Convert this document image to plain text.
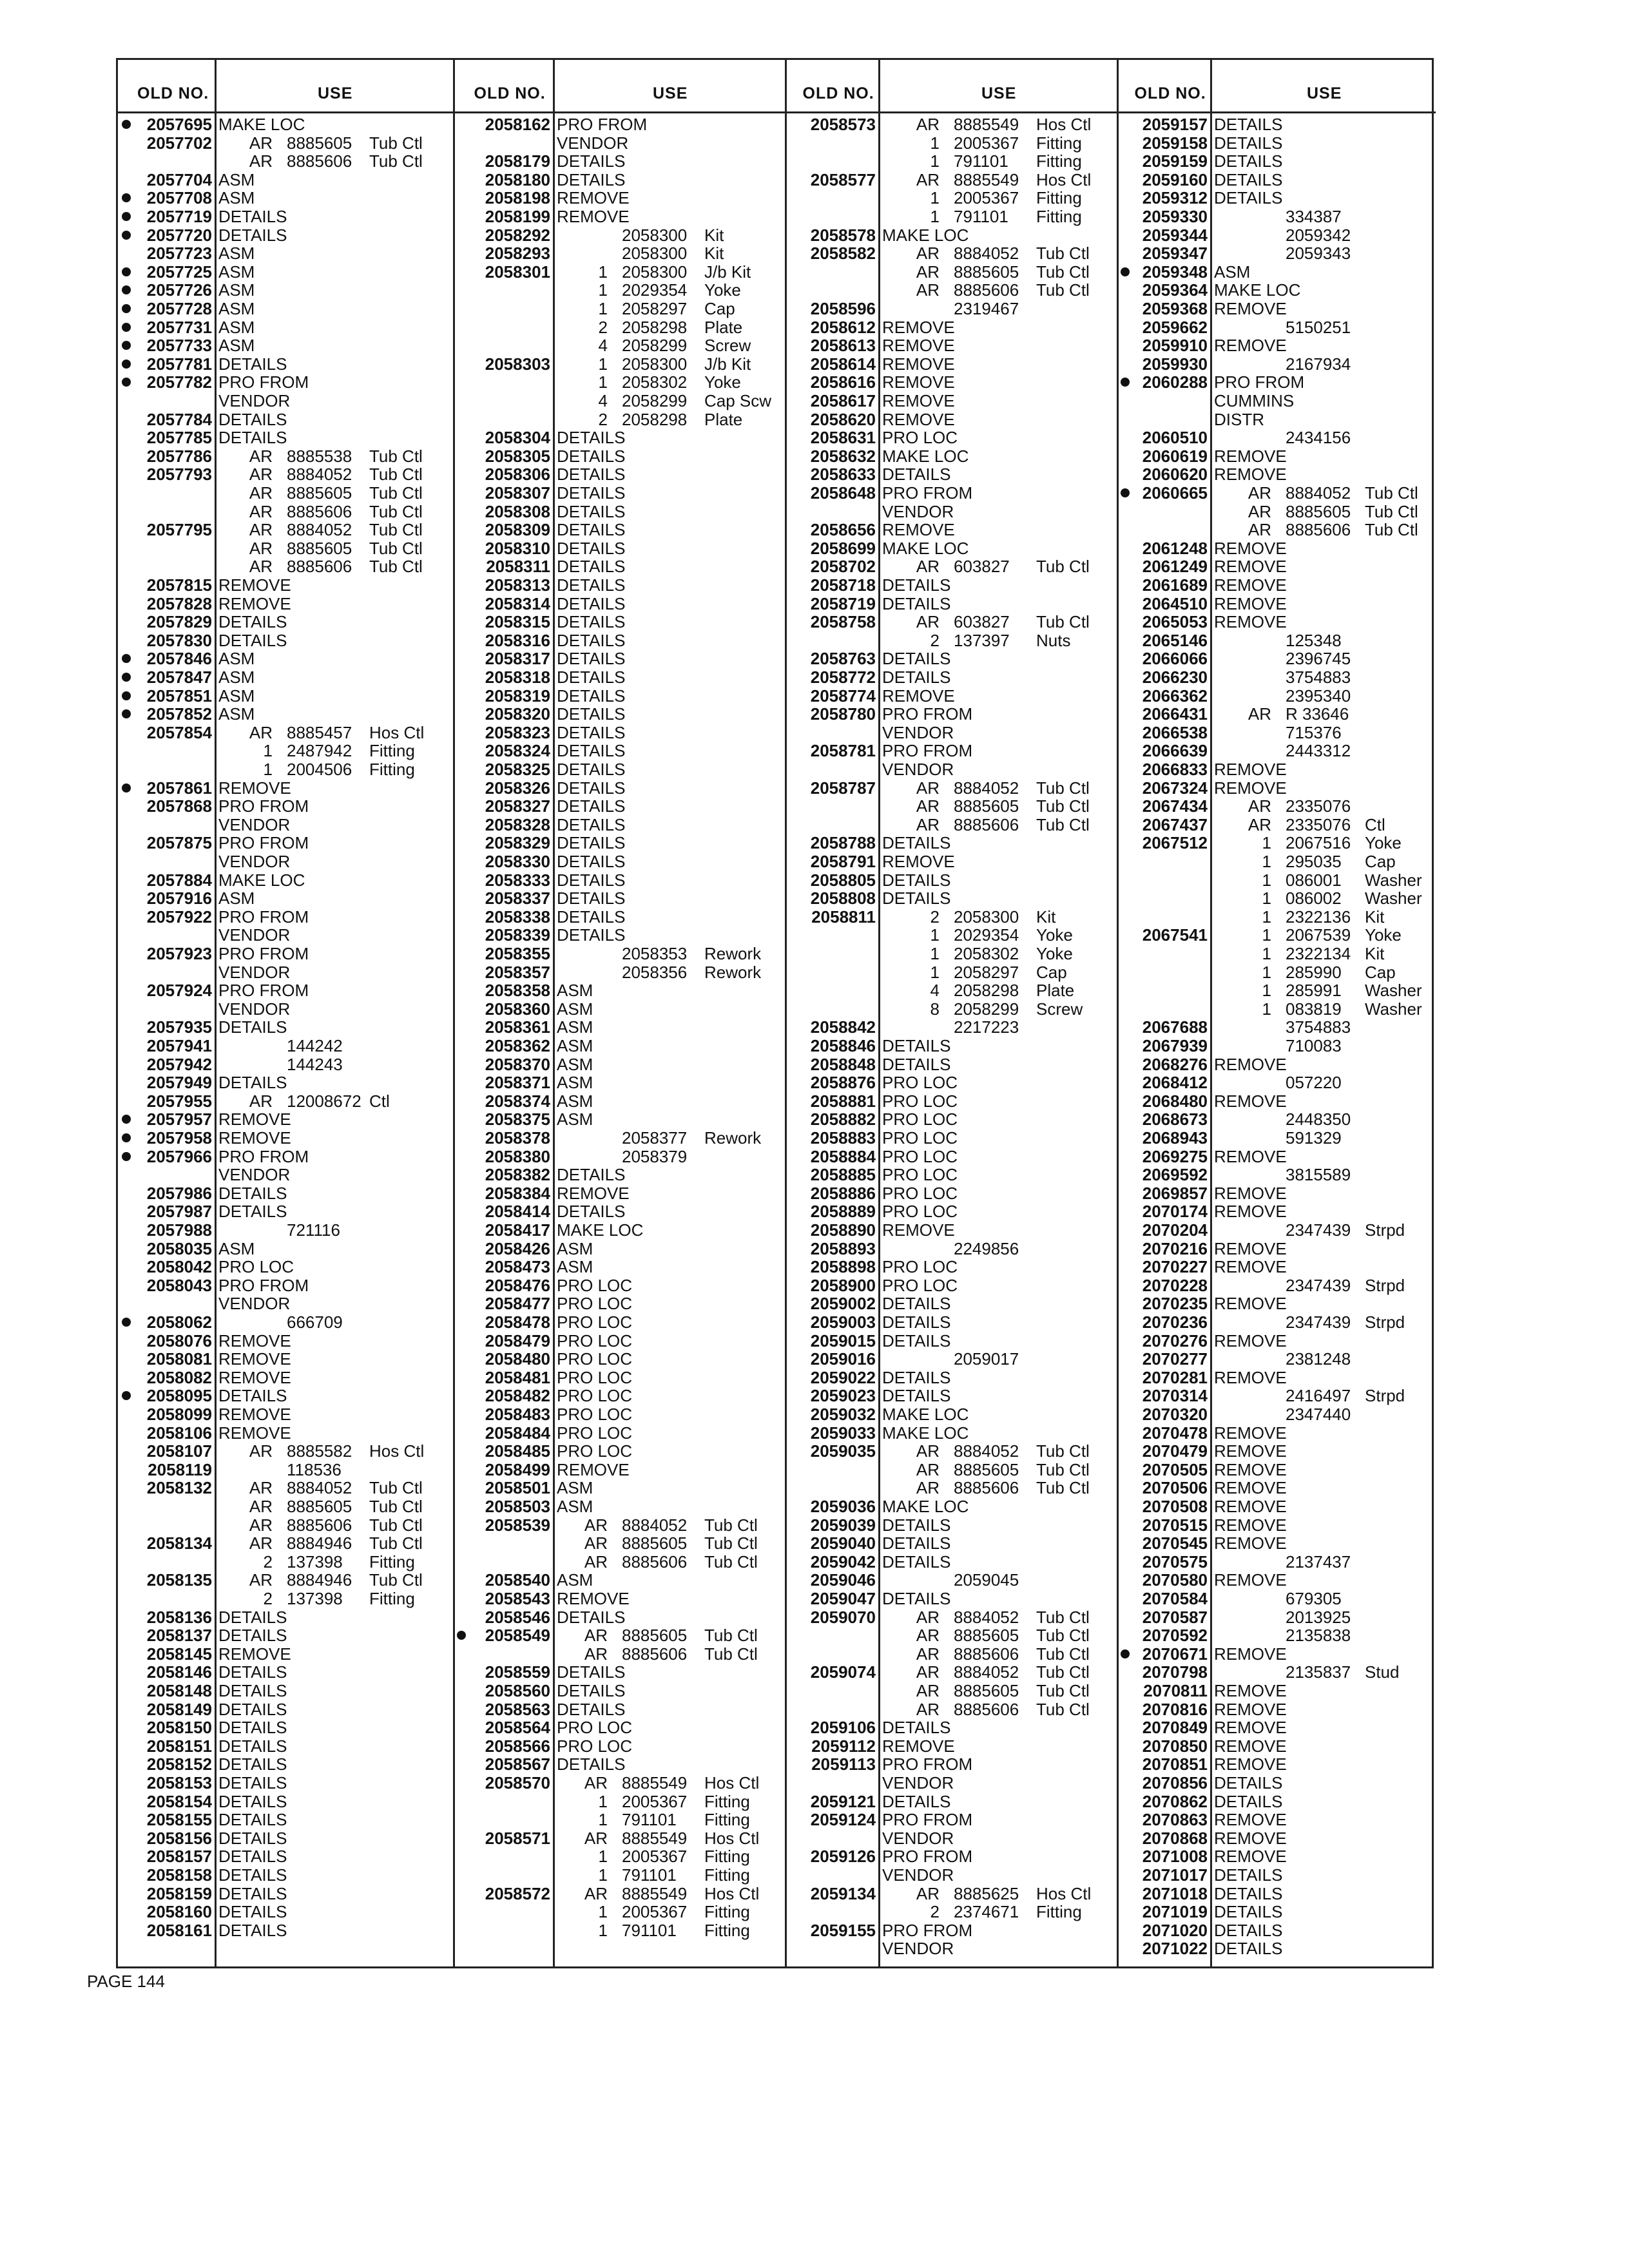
OLD NO.	USE
2057695 MAKE LOC
2057702 AR 8885605 Tub Ctl
AR 8885606 Tub Ctl
2057704 ASM
2057708 ASM
2057719 DETAILS
2057720 DETAILS
2057723 ASM
2057725 ASM
2057726 ASM
2057728 ASM
2057731 ASM
2057733 ASM
2057781 DETAILS
2057782 PRO FROM
VENDOR
2057784 DETAILS
2057785 DETAILS
2057786 AR 8885538 Tub Ctl
2057793 AR 8884052 Tub Ctl
AR 8885605 Tub Ctl
AR 8885606 Tub Ctl
2057795 AR 8884052 Tub Ctl
AR 8885605 Tub Ctl
AR 8885606 Tub Ctl
2057815 REMOVE
2057828 REMOVE
2057829 DETAILS
2057830 DETAILS
2057846 ASM
2057847 ASM
2057851 ASM
2057852 ASM
2057854 AR 8885457 Hos Ctl
1 2487942 Fitting
1 2004506 Fitting
2057861 REMOVE
2057868 PRO FROM
VENDOR
2057875 PRO FROM
VENDOR
2057884 MAKE LOC
2057916 ASM
2057922 PRO FROM
VENDOR
2057923 PRO FROM
VENDOR
2057924 PRO FROM
VENDOR
2057935 DETAILS
2057941	144242
2057942	144243
2057949 DETAILS
2057955 AR 12008672 Ctl
2057957 REMOVE
2057958 REMOVE
2057966 PRO FROM
VENDOR
2057986 DETAILS
2057987 DETAILS
2057988	721116
2058035 ASM
2058042 PRO LOC
2058043 PRO FROM
VENDOR
2058062	666709
2058076 REMOVE
2058081 REMOVE
2058082 REMOVE
2058095 DETAILS
2058099 REMOVE
2058106 REMOVE
2058107 AR 8885582 Hos Ctl
2058119	118536
2058132 AR 8884052 Tub Ctl
AR 8885605 Tub Ctl
AR 8885606 Tub Ctl
2058134 AR 8884946 Tub Ctl
2 137398 Fitting
2058135 AR 8884946 Tub Ctl
2 137398 Fitting
2058136 DETAILS
2058137 DETAILS
2058145 REMOVE
2058146 DETAILS
2058148 DETAILS
2058149 DETAILS
2058150 DETAILS
2058151 DETAILS
2058152 DETAILS
2058153 DETAILS
2058154 DETAILS
2058155 DETAILS
2058156 DETAILS
2058157 DETAILS
2058158 DETAILS
2058159 DETAILS
2058160 DETAILS
2058161 DETAILS
OLD NO.	USE
2058162 PRO FROM
VENDOR
2058179 DETAILS
2058180 DETAILS
2058198 REMOVE
2058199 REMOVE
2058292	2058300 Kit
2058293	2058300 Kit
2058301	1 2058300 J/b Kit
1 2029354 Yoke
1 2058297 Cap
2 2058298 Plate
4 2058299 Screw
2058303	1 2058300 J/b Kit
1 2058302 Yoke
4 2058299 Cap Scw
2 2058298 Plate
2058304 DETAILS
2058305 DETAILS
2058306 DETAILS
2058307 DETAILS
2058308 DETAILS
2058309 DETAILS
2058310 DETAILS
2058311 DETAILS
2058313 DETAILS
2058314 DETAILS
2058315 DETAILS
2058316 DETAILS
2058317 DETAILS
2058318 DETAILS
2058319 DETAILS
2058320 DETAILS
2058323 DETAILS
2058324 DETAILS
2058325 DETAILS
2058326 DETAILS
2058327 DETAILS
2058328 DETAILS
2058329 DETAILS
2058330 DETAILS
2058333 DETAILS
2058337 DETAILS
2058338 DETAILS
2058339 DETAILS
2058355	2058353 Rework
2058357	2058356 Rework
2058358 ASM
2058360 ASM
2058361 ASM
2058362 ASM
2058370 ASM
2058371 ASM
2058374 ASM
2058375 ASM
2058378	2058377 Rework
2058380	2058379
2058382 DETAILS
2058384 REMOVE
2058414 DETAILS
2058417 MAKE LOC
2058426 ASM
2058473 ASM
2058476 PRO LOC
2058477 PRO LOC
2058478 PRO LOC
2058479 PRO LOC
2058480 PRO LOC
2058481 PRO LOC
2058482 PRO LOC
2058483 PRO LOC
2058484 PRO LOC
2058485 PRO LOC
2058499 REMOVE
2058501 ASM
2058503 ASM
2058539 AR 8884052 Tub Ctl
AR 8885605 Tub Ctl
AR 8885606 Tub Ctl
2058540 ASM
2058543 REMOVE
2058546 DETAILS
2058549 AR 8885605 Tub Ctl
AR 8885606 Tub Ctl
2058559 DETAILS
2058560 DETAILS
2058563 DETAILS
2058564 PRO LOC
2058566 PRO LOC
2058567 DETAILS
2058570 AR 8885549 Hos Ctl
1 2005367 Fitting
1 791101 Fitting
2058571 AR 8885549 Hos Ctl
1 2005367 Fitting
1 791101 Fitting
2058572 AR 8885549 Hos Ctl
1 2005367 Fitting
1 791101 Fitting
OLD NO.	USE
2058573 AR 8885549 Hos Ctl
1 2005367 Fitting
1 791101 Fitting
2058577 AR 8885549 Hos Ctl
1 2005367 Fitting
1 791101 Fitting
2058578 MAKE LOC
2058582 AR 8884052 Tub Ctl
AR 8885605 Tub Ctl
AR 8885606 Tub Ctl
2058596	2319467
2058612 REMOVE
2058613 REMOVE
2058614 REMOVE
2058616 REMOVE
2058617 REMOVE
2058620 REMOVE
2058631 PRO LOC
2058632 MAKE LOC
2058633 DETAILS
2058648 PRO FROM
VENDOR
2058656 REMOVE
2058699 MAKE LOC
2058702 AR 603827 Tub Ctl
2058718 DETAILS
2058719 DETAILS
2058758 AR 603827 Tub Ctl
2 137397 Nuts
2058763 DETAILS
2058772 DETAILS
2058774 REMOVE
2058780 PRO FROM
VENDOR
2058781 PRO FROM
VENDOR
2058787 AR 8884052 Tub Ctl
AR 8885605 Tub Ctl
AR 8885606 Tub Ctl
2058788 DETAILS
2058791 REMOVE
2058805 DETAILS
2058808 DETAILS
2058811	2 2058300 Kit
1 2029354 Yoke
1 2058302 Yoke
1 2058297 Cap
4 2058298 Plate
8 2058299 Screw
2058842	2217223
2058846 DETAILS
2058848 DETAILS
2058876 PRO LOC
2058881 PRO LOC
2058882 PRO LOC
2058883 PRO LOC
2058884 PRO LOC
2058885 PRO LOC
2058886 PRO LOC
2058889 PRO LOC
2058890 REMOVE
2058893	2249856
2058898 PRO LOC
2058900 PRO LOC
2059002 DETAILS
2059003 DETAILS
2059015 DETAILS
2059016	2059017
2059022 DETAILS
2059023 DETAILS
2059032 MAKE LOC
2059033 MAKE LOC
2059035 AR 8884052 Tub Ctl
AR 8885605 Tub Ctl
AR 8885606 Tub Ctl
2059036 MAKE LOC
2059039 DETAILS
2059040 DETAILS
2059042 DETAILS
2059046	2059045
2059047 DETAILS
2059070 AR 8884052 Tub Ctl
AR 8885605 Tub Ctl
AR 8885606 Tub Ctl
2059074 AR 8884052 Tub Ctl
AR 8885605 Tub Ctl
AR 8885606 Tub Ctl
2059106 DETAILS
2059112 REMOVE
2059113 PRO FROM
VENDOR
2059121 DETAILS
2059124 PRO FROM
VENDOR
2059126 PRO FROM
VENDOR
2059134 AR 8885625 Hos Ctl
2 2374671 Fitting
2059155 PRO FROM
VENDOR
OLD NO.	USE
2059157 DETAILS
2059158 DETAILS
2059159 DETAILS
2059160 DETAILS
2059312 DETAILS
2059330	334387
2059344	2059342
2059347	2059343
2059348 ASM
2059364 MAKE LOC
2059368 REMOVE
2059662	5150251
2059910 REMOVE
2059930	2167934
2060288 PRO FROM
CUMMINS
DISTR
2060510	2434156
2060619 REMOVE
2060620 REMOVE
2060665 AR 8884052 Tub Ctl
AR 8885605 Tub Ctl
AR 8885606 Tub Ctl
2061248 REMOVE
2061249 REMOVE
2061689 REMOVE
2064510 REMOVE
2065053 REMOVE
2065146	125348
2066066	2396745
2066230	3754883
2066362	2395340
2066431 AR R 33646
2066538	715376
2066639	2443312
2066833 REMOVE
2067324 REMOVE
2067434 AR 2335076
2067437 AR 2335076 Ctl
2067512	1 2067516 Yoke
1 295035 Cap
1 086001 Washer
1 086002 Washer
1 2322136 Kit
2067541	1 2067539 Yoke
1 2322134 Kit
1 285990 Cap
1 285991 Washer
1 083819 Washer
2067688	3754883
2067939	710083
2068276 REMOVE
2068412	057220
2068480 REMOVE
2068673	2448350
2068943	591329
2069275 REMOVE
2069592	3815589
2069857 REMOVE
2070174 REMOVE
2070204	2347439 Strpd
2070216 REMOVE
2070227 REMOVE
2070228	2347439 Strpd
2070235 REMOVE
2070236	2347439 Strpd
2070276 REMOVE
2070277	2381248
2070281 REMOVE
2070314	2416497 Strpd
2070320	2347440
2070478 REMOVE
2070479 REMOVE
2070505 REMOVE
2070506 REMOVE
2070508 REMOVE
2070515 REMOVE
2070545 REMOVE
2070575	2137437
2070580 REMOVE
2070584	679305
2070587	2013925
2070592	2135838
2070671 REMOVE
2070798	2135837 Stud
2070811 REMOVE
2070816 REMOVE
2070849 REMOVE
2070850 REMOVE
2070851 REMOVE
2070856 DETAILS
2070862 DETAILS
2070863 REMOVE
2070868 REMOVE
2071008 REMOVE
2071017 DETAILS
2071018 DETAILS
2071019 DETAILS
2071020 DETAILS
2071022 DETAILS
PAGE 144
